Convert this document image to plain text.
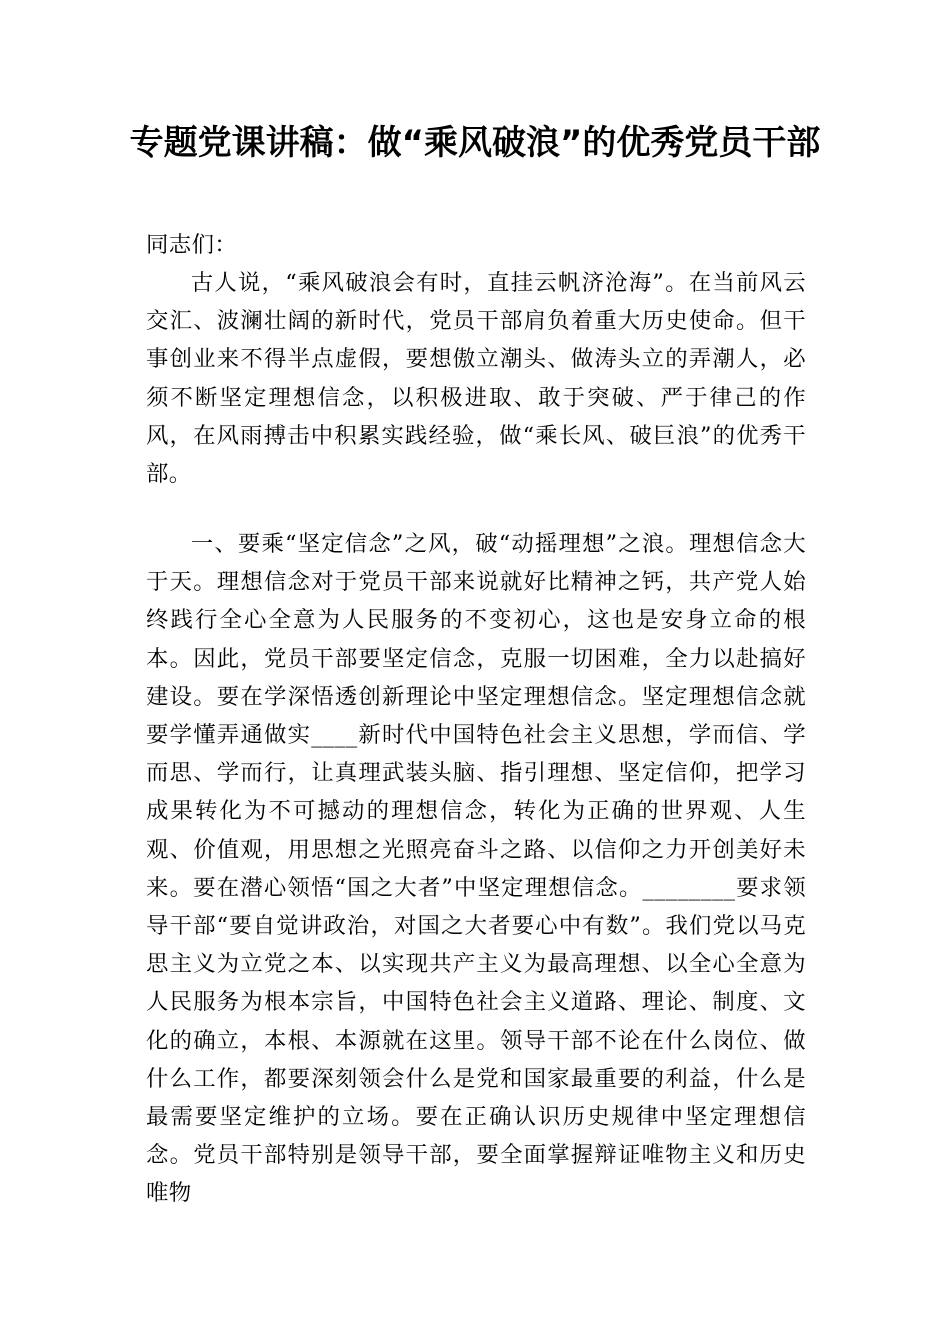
专题党课讲稿：做“乘风破浪”的优秀党员干部
同志们：

古人说，“乘风破浪会有时，直挂云帆济沧海”。在当前风云交汇、波澜壮阔的新时代，党员干部肩负着重大历史使命。但干事创业来不得半点虚假，要想傲立潮头、做涛头立的弄潮人，必须不断坚定理想信念，以积极进取、敢于突破、严于律己的作风，在风雨搏击中积累实践经验，做“乘长风、破巨浪”的优秀干部。

一、要乘“坚定信念”之风，破“动摇理想”之浪。理想信念大于天。理想信念对于党员干部来说就好比精神之钙，共产党人始终践行全心全意为人民服务的不变初心，这也是安身立命的根本。因此，党员干部要坚定信念，克服一切困难，全力以赴搞好建设。要在学深悟透创新理论中坚定理想信念。坚定理想信念就要学懂弄通做实____新时代中国特色社会主义思想，学而信、学而思、学而行，让真理武装头脑、指引理想、坚定信仰，把学习成果转化为不可撼动的理想信念，转化为正确的世界观、人生观、价值观，用思想之光照亮奋斗之路、以信仰之力开创美好未来。要在潜心领悟“国之大者”中坚定理想信念。________要求领导干部“要自觉讲政治，对国之大者要心中有数”。我们党以马克思主义为立党之本、以实现共产主义为最高理想、以全心全意为人民服务为根本宗旨，中国特色社会主义道路、理论、制度、文化的确立，本根、本源就在这里。领导干部不论在什么岗位、做什么工作，都要深刻领会什么是党和国家最重要的利益，什么是最需要坚定维护的立场。要在正确认识历史规律中坚定理想信念。党员干部特别是领导干部，要全面掌握辩证唯物主义和历史唯物
